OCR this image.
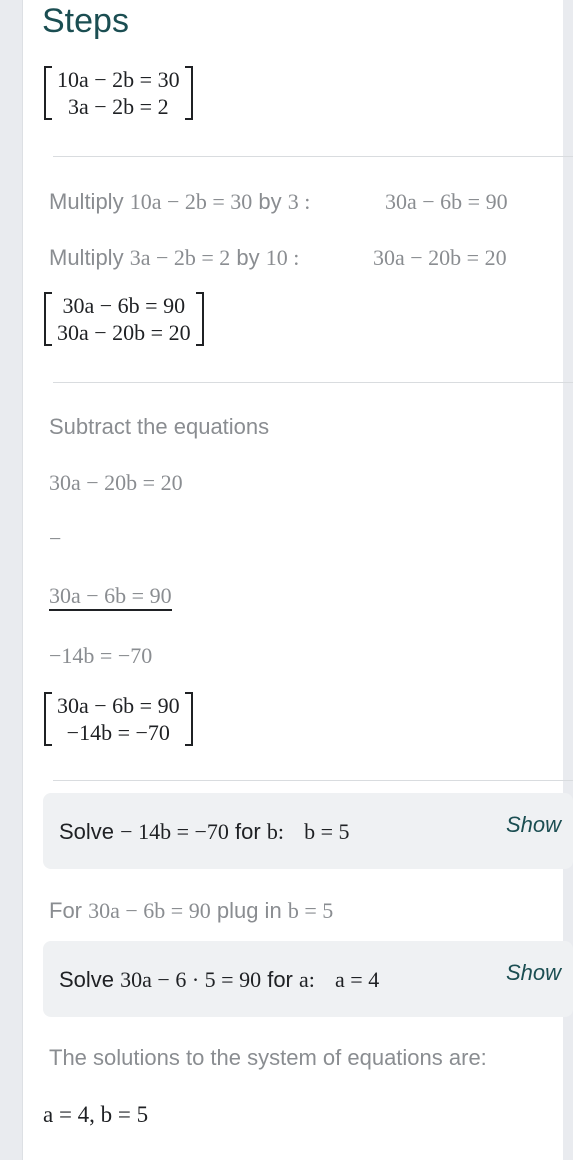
Steps
10a − 2b = 30
3a − 2b = 2
Multiply 10a − 2b = 30 by 3 :	30a − 6b = 90
Multiply 3a − 2b = 2 by 10 :	30a − 20b = 20
30a − 6b = 90
30a − 20b = 20
Subtract the equations
30a − 20b = 20
−
30a − 6b = 90
−14b = −70
30a − 6b = 90
−14b = −70
Solve − 14b = −70 for b: b = 5	Show
For 30a − 6b = 90 plug in b = 5
Solve 30a − 6 · 5 = 90 for a: a = 4	Show
The solutions to the system of equations are:
a = 4, b = 5
